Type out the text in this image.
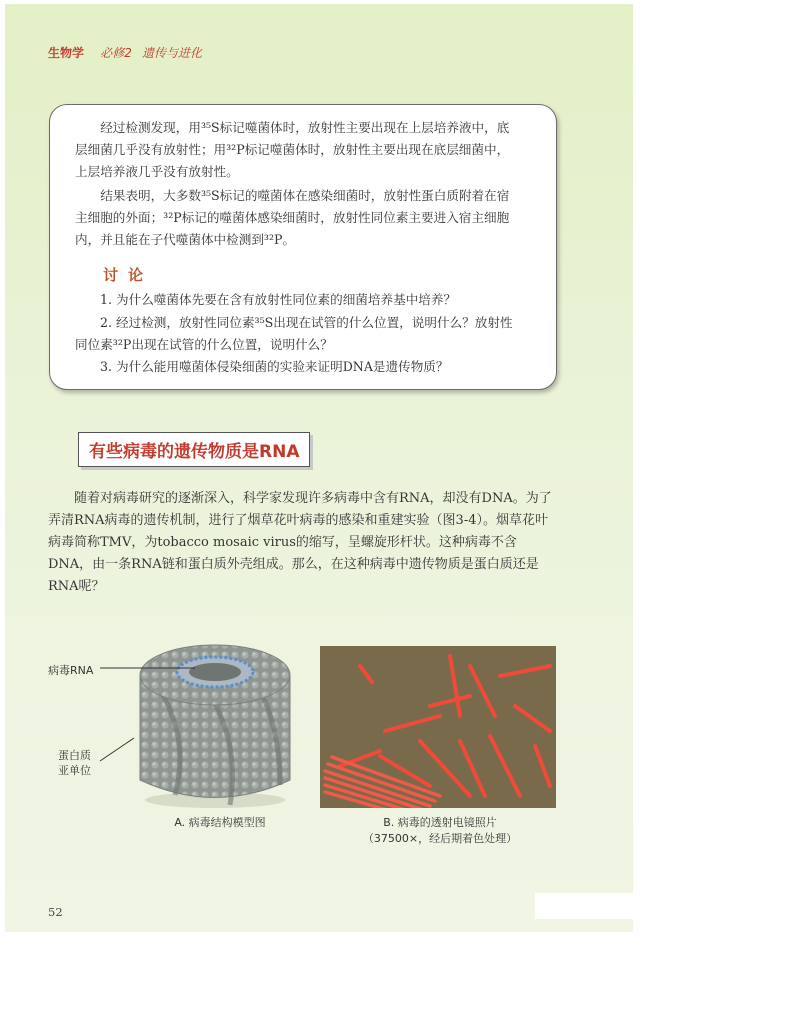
生物学 必修2 遗传与进化

经过检测发现，用³⁵S标记噬菌体时，放射性主要出现在上层培养液中，底

层细菌几乎没有放射性；用³²P标记噬菌体时，放射性主要出现在底层细菌中，

上层培养液几乎没有放射性。

结果表明，大多数³⁵S标记的噬菌体在感染细菌时，放射性蛋白质附着在宿

主细胞的外面；³²P标记的噬菌体感染细菌时，放射性同位素主要进入宿主细胞

内，并且能在子代噬菌体中检测到³²P。

讨论

1. 为什么噬菌体先要在含有放射性同位素的细菌培养基中培养？

2. 经过检测，放射性同位素³⁵S出现在试管的什么位置，说明什么？放射性

同位素³²P出现在试管的什么位置，说明什么？

3. 为什么能用噬菌体侵染细菌的实验来证明DNA是遗传物质？

有些病毒的遗传物质是RNA

随着对病毒研究的逐渐深入，科学家发现许多病毒中含有RNA，却没有DNA。为了弄清RNA病毒的遗传机制，进行了烟草花叶病毒的感染和重建实验（图3-4）。烟草花叶病毒简称TMV，为tobacco mosaic virus的缩写，呈螺旋形杆状。这种病毒不含DNA，由一条RNA链和蛋白质外壳组成。那么，在这种病毒中遗传物质是蛋白质还是RNA呢？

病毒RNA
蛋白质
亚单位
A. 病毒结构模型图	B. 病毒的透射电镜照片
（37500×，经后期着色处理）
52
